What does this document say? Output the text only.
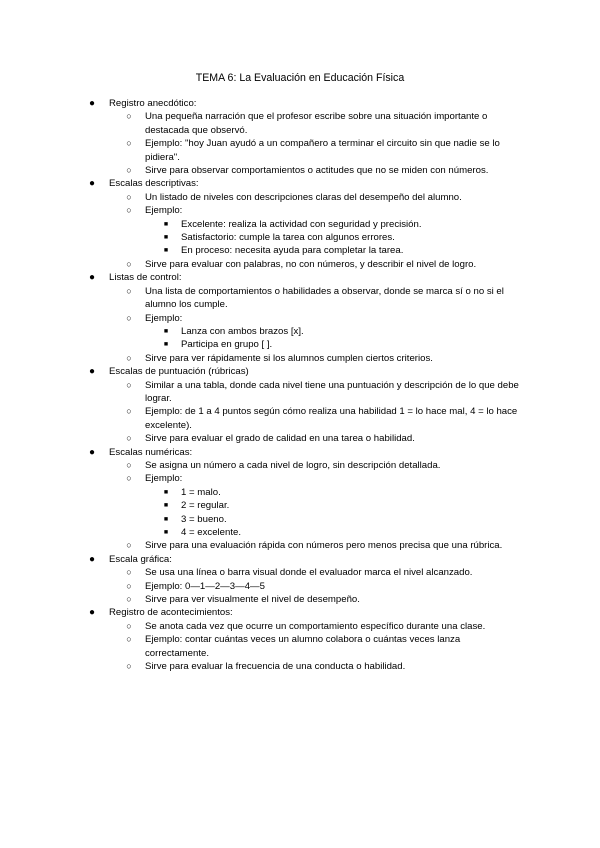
TEMA 6: La Evaluación en Educación Física
●	Registro anecdótico:
○	Una pequeña narración que el profesor escribe sobre una situación importante o destacada que observó.
○	Ejemplo: "hoy Juan ayudó a un compañero a terminar el circuito sin que nadie se lo pidiera".
○	Sirve para observar comportamientos o actitudes que no se miden con números.
●	Escalas descriptivas:
○	Un listado de niveles con descripciones claras del desempeño del alumno.
○	Ejemplo:
■	Excelente: realiza la actividad con seguridad y precisión.
■	Satisfactorio: cumple la tarea con algunos errores.
■	En proceso: necesita ayuda para completar la tarea.
○	Sirve para evaluar con palabras, no con números, y describir el nivel de logro.
●	Listas de control:
○	Una lista de comportamientos o habilidades a observar, donde se marca sí o no si el alumno los cumple.
○	Ejemplo:
■	Lanza con ambos brazos [x].
■	Participa en grupo [ ].
○	Sirve para ver rápidamente si los alumnos cumplen ciertos criterios.
●	Escalas de puntuación (rúbricas)
○	Similar a una tabla, donde cada nivel tiene una puntuación y descripción de lo que debe lograr.
○	Ejemplo: de 1 a 4 puntos según cómo realiza una habilidad 1 = lo hace mal, 4 = lo hace excelente).
○	Sirve para evaluar el grado de calidad en una tarea o habilidad.
●	Escalas numéricas:
○	Se asigna un número a cada nivel de logro, sin descripción detallada.
○	Ejemplo:
■	1 = malo.
■	2 = regular.
■	3 = bueno.
■	4 = excelente.
○	Sirve para una evaluación rápida con números pero menos precisa que una rúbrica.
●	Escala gráfica:
○	Se usa una línea o barra visual donde el evaluador marca el nivel alcanzado.
○	Ejemplo: 0—1—2—3—4—5
○	Sirve para ver visualmente el nivel de desempeño.
●	Registro de acontecimientos:
○	Se anota cada vez que ocurre un comportamiento específico durante una clase.
○	Ejemplo: contar cuántas veces un alumno colabora o cuántas veces lanza correctamente.
○	Sirve para evaluar la frecuencia de una conducta o habilidad.
